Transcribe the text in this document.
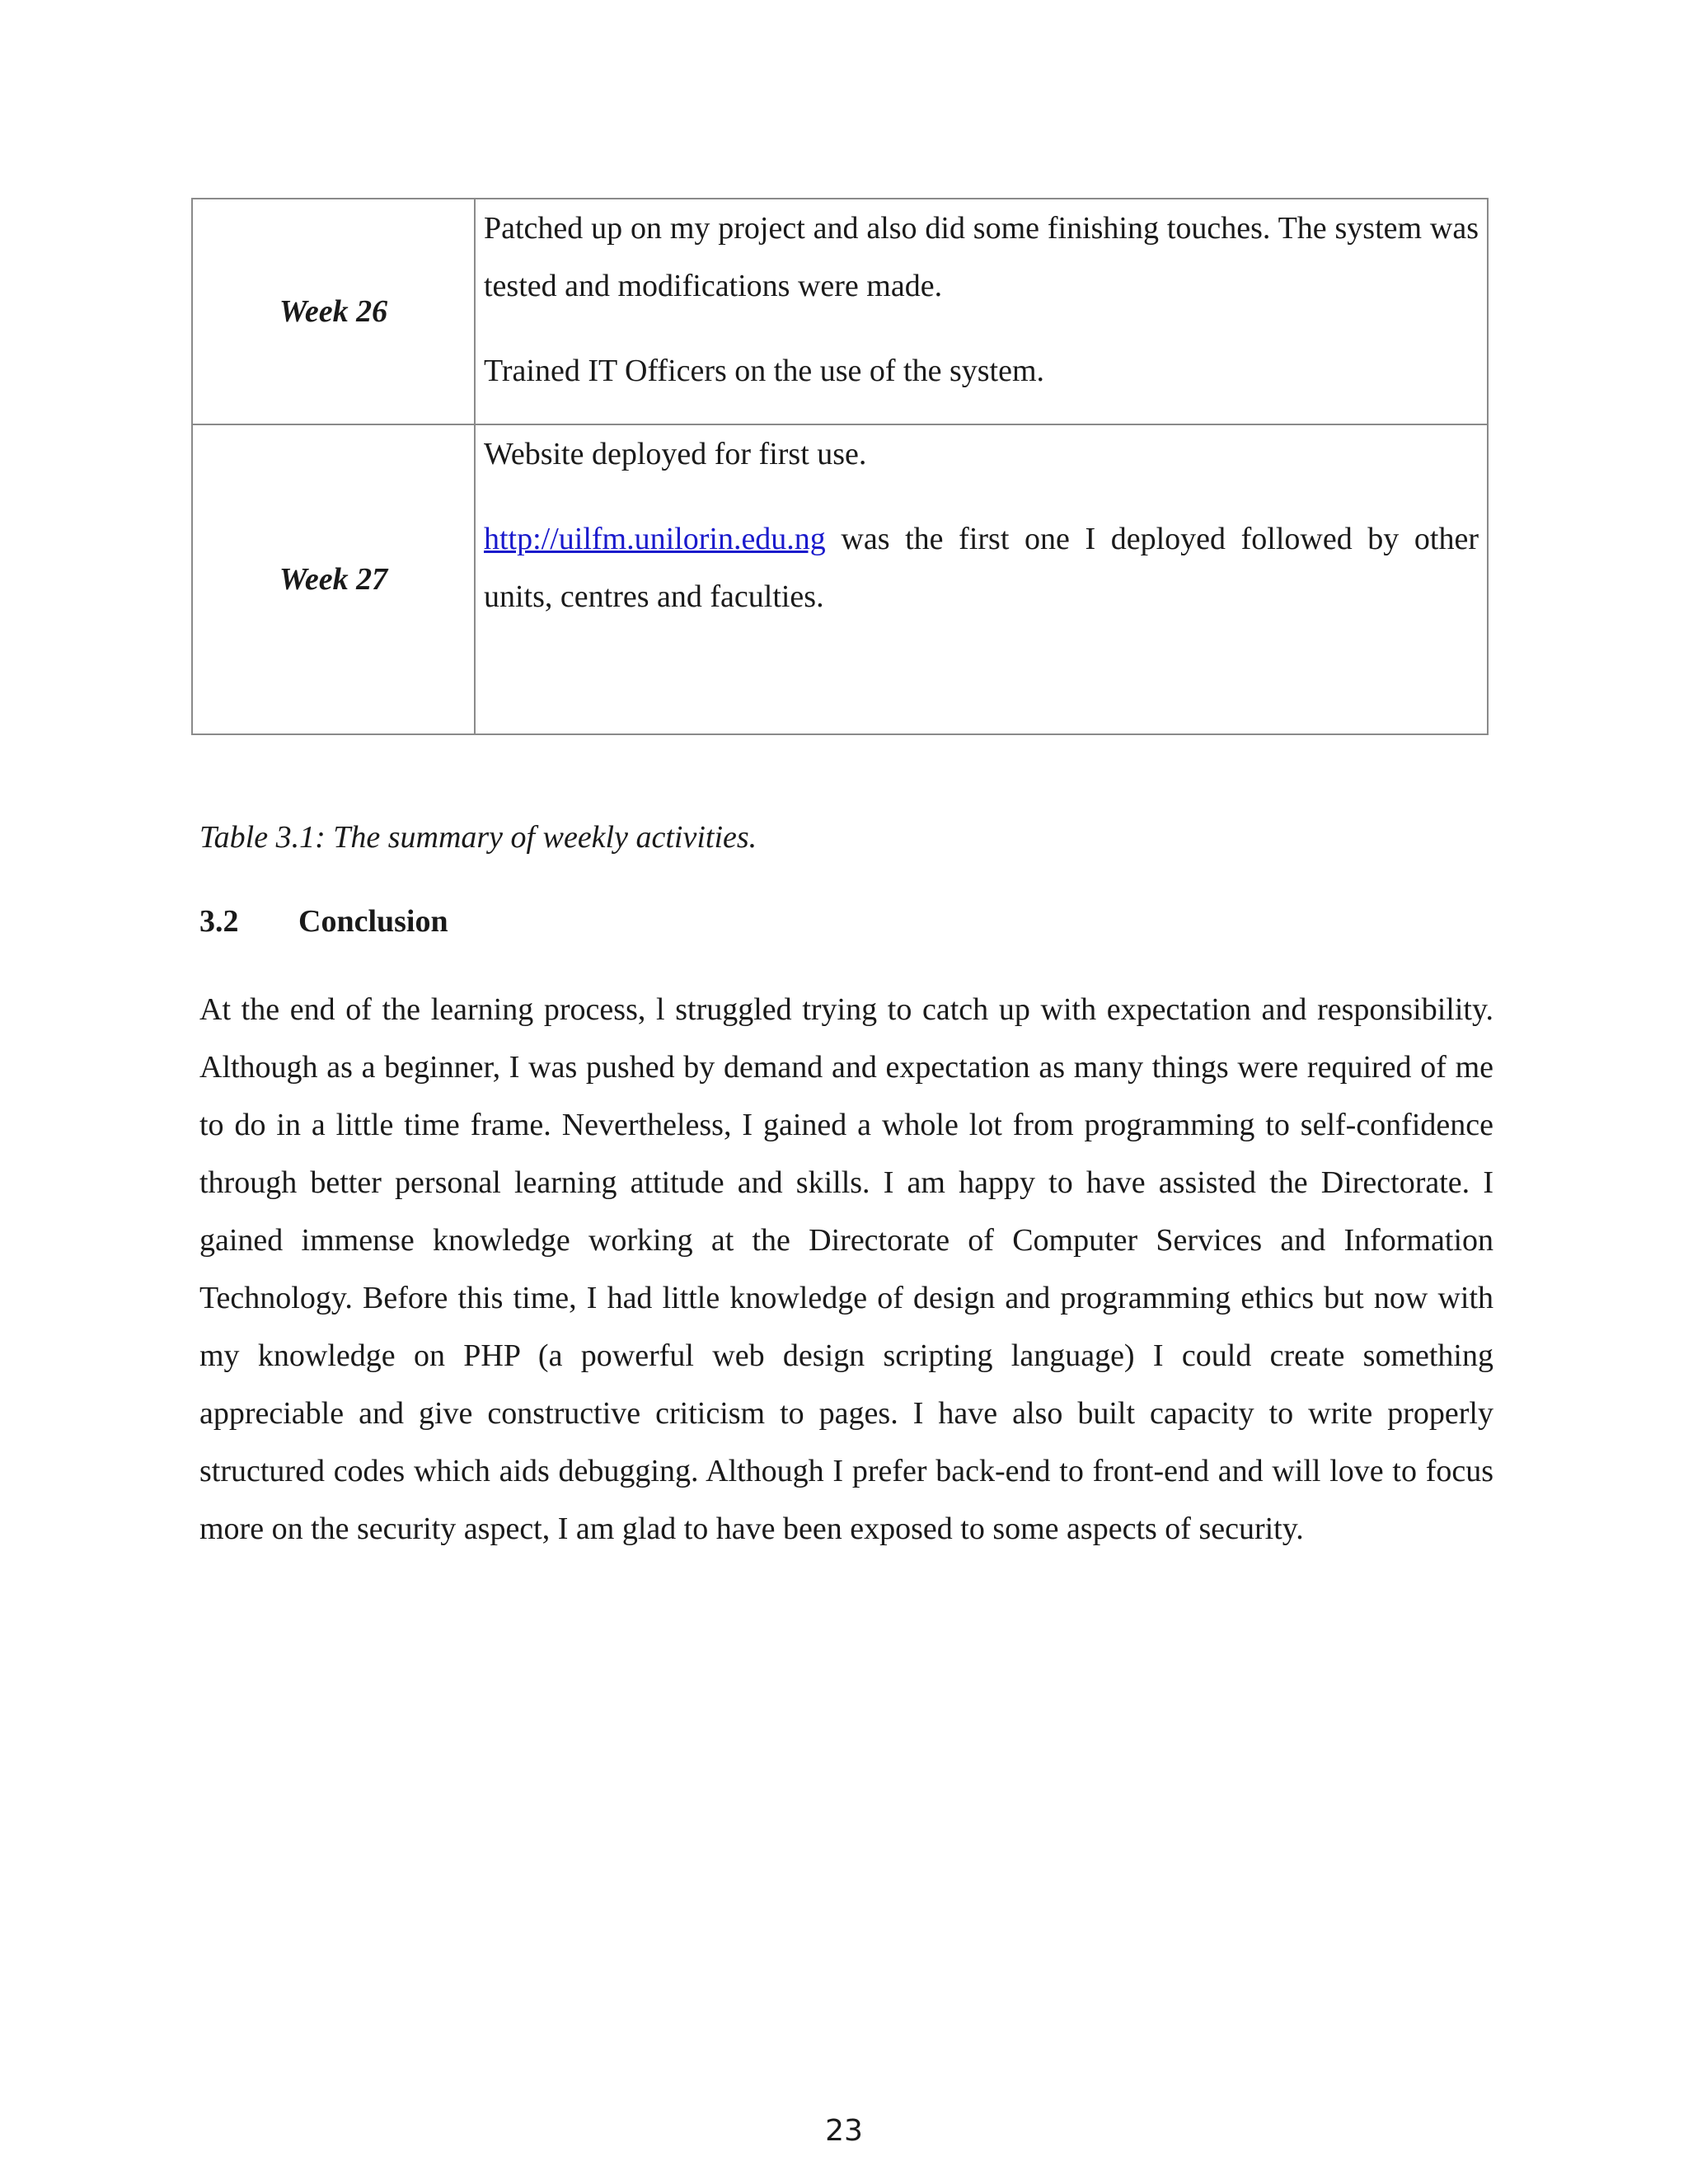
Week 26	Patched up on my project and also did some finishing touches. The system was tested and modifications were made.

Trained IT Officers on the use of the system.

Week 27	Website deployed for first use.

http://uilfm.unilorin.edu.ng was the first one I deployed followed by other units, centres and faculties.

Table 3.1: The summary of weekly activities.

3.2 Conclusion

At the end of the learning process, l struggled trying to catch up with expectation and responsibility. Although as a beginner, I was pushed by demand and expectation as many things were required of me to do in a little time frame. Nevertheless, I gained a whole lot from programming to self-confidence through better personal learning attitude and skills. I am happy to have assisted the Directorate. I gained immense knowledge working at the Directorate of Computer Services and Information Technology. Before this time, I had little knowledge of design and programming ethics but now with my knowledge on PHP (a powerful web design scripting language) I could create something appreciable and give constructive criticism to pages. I have also built capacity to write properly structured codes which aids debugging. Although I prefer back-end to front-end and will love to focus more on the security aspect, I am glad to have been exposed to some aspects of security.

23
